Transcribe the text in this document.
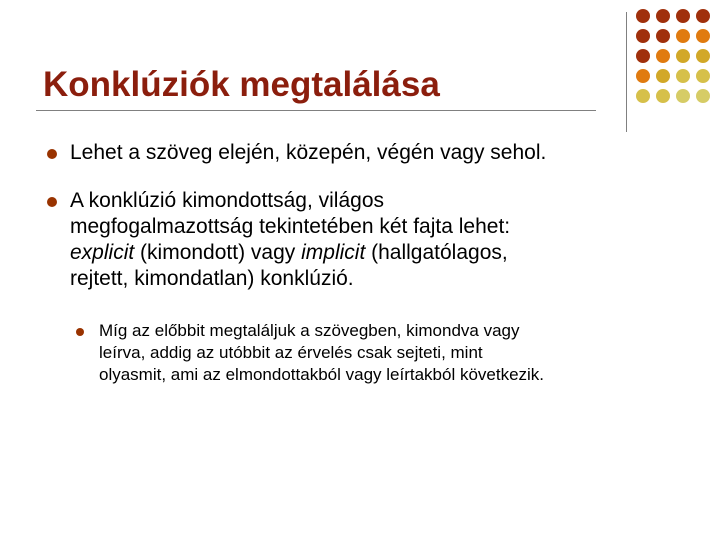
Konklúziók megtalálása
Lehet a szöveg elején, közepén, végén vagy sehol.
A konklúzió kimondottság, világos
megfogalmazottság tekintetében két fajta lehet:
explicit (kimondott) vagy implicit (hallgatólagos,
rejtett, kimondatlan) konklúzió.
Míg az előbbit megtaláljuk a szövegben, kimondva vagy
leírva, addig az utóbbit az érvelés csak sejteti, mint
olyasmit, ami az elmondottakból vagy leírtakból következik.
